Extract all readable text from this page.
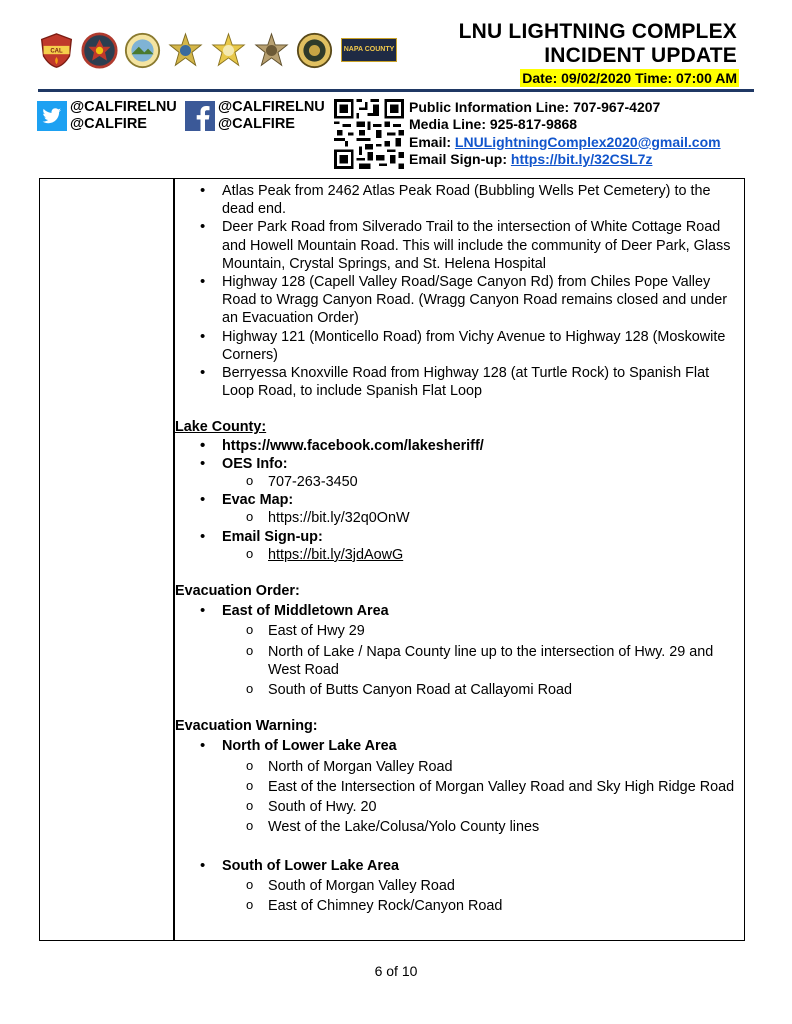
CAL	NAPA COUNTY
LNU LIGHTNING COMPLEX
INCIDENT UPDATE
Date: 09/02/2020 Time: 07:00 AM
@CALFIRELNU
@CALFIRE
@CALFIRELNU
@CALFIRE
Public Information Line: 707-967-4207
Media Line: 925-817-9868
Email: LNULightningComplex2020@gmail.com
Email Sign-up: https://bit.ly/32CSL7z
• Atlas Peak from 2462 Atlas Peak Road (Bubbling Wells Pet Cemetery) to the dead end.
• Deer Park Road from Silverado Trail to the intersection of White Cottage Road and Howell Mountain Road. This will include the community of Deer Park, Glass Mountain, Crystal Springs, and St. Helena Hospital
• Highway 128 (Capell Valley Road/Sage Canyon Rd) from Chiles Pope Valley Road to Wragg Canyon Road. (Wragg Canyon Road remains closed and under an Evacuation Order)
• Highway 121 (Monticello Road) from Vichy Avenue to Highway 128 (Moskowite Corners)
• Berryessa Knoxville Road from Highway 128 (at Turtle Rock) to Spanish Flat Loop Road, to include Spanish Flat Loop
Lake County:
• https://www.facebook.com/lakesheriff/
• OES Info:
o 707-263-3450
• Evac Map:
o https://bit.ly/32q0OnW
• Email Sign-up:
o https://bit.ly/3jdAowG
Evacuation Order:
• East of Middletown Area
o East of Hwy 29
o North of Lake / Napa County line up to the intersection of Hwy. 29 and West Road
o South of Butts Canyon Road at Callayomi Road
Evacuation Warning:
• North of Lower Lake Area
o North of Morgan Valley Road
o East of the Intersection of Morgan Valley Road and Sky High Ridge Road
o South of Hwy. 20
o West of the Lake/Colusa/Yolo County lines
• South of Lower Lake Area
o South of Morgan Valley Road
o East of Chimney Rock/Canyon Road
6 of 10
